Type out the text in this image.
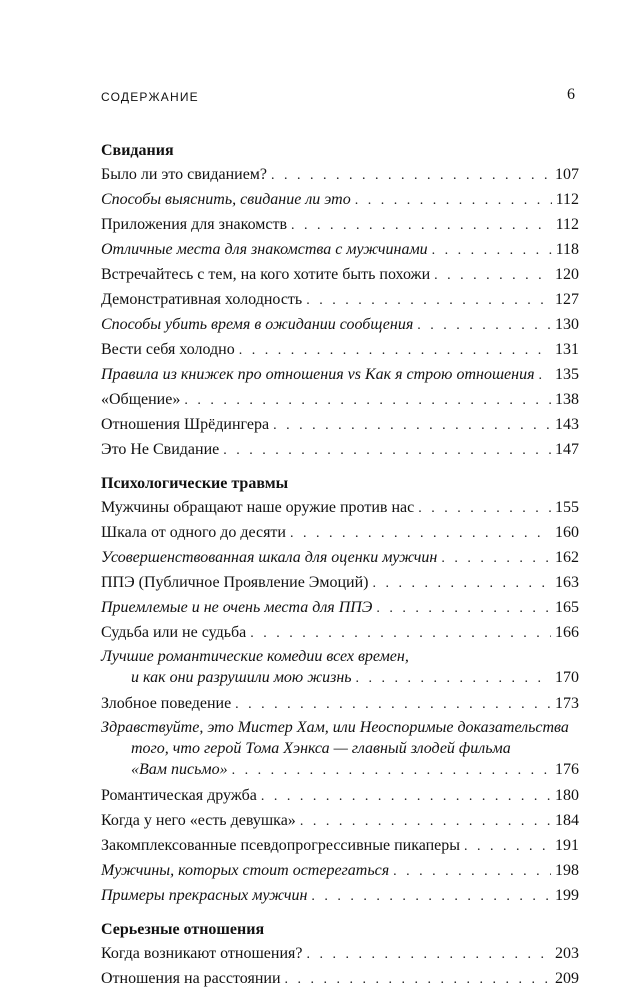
СОДЕРЖАНИЕ	6
Свидания
Было ли это свиданием? . . .	107
Способы выяснить, свидание ли это . . .	112
Приложения для знакомств . . .	112
Отличные места для знакомства с мужчинами . . .	118
Встречайтесь с тем, на кого хотите быть похожи . . .	120
Демонстративная холодность . . .	127
Способы убить время в ожидании сообщения . . .	130
Вести себя холодно . . .	131
Правила из книжек про отношения vs Как я строю отношения . . . 135
«Общение» . . .	138
Отношения Шрёдингера . . .	143
Это Не Свидание . . .	147
Психологические травмы
Мужчины обращают наше оружие против нас . . .	155
Шкала от одного до десяти . . .	160
Усовершенствованная шкала для оценки мужчин . . .	162
ППЭ (Публичное Проявление Эмоций) . . .	163
Приемлемые и не очень места для ППЭ . . .	165
Судьба или не судьба . . .	166
Лучшие романтические комедии всех времен,
и как они разрушили мою жизнь . . .	170
Злобное поведение . . .	173
Здравствуйте, это Мистер Хам, или Неоспоримые доказательства
того, что герой Тома Хэнкса — главный злодей фильма
«Вам письмо» . . .	176
Романтическая дружба . . .	180
Когда у него «есть девушка» . . .	184
Закомплексованные псевдопрогрессивные пикаперы . . .	191
Мужчины, которых стоит остерегаться . . .	198
Примеры прекрасных мужчин . . .	199
Серьезные отношения
Когда возникают отношения? . . .	203
Отношения на расстоянии . . .	209
